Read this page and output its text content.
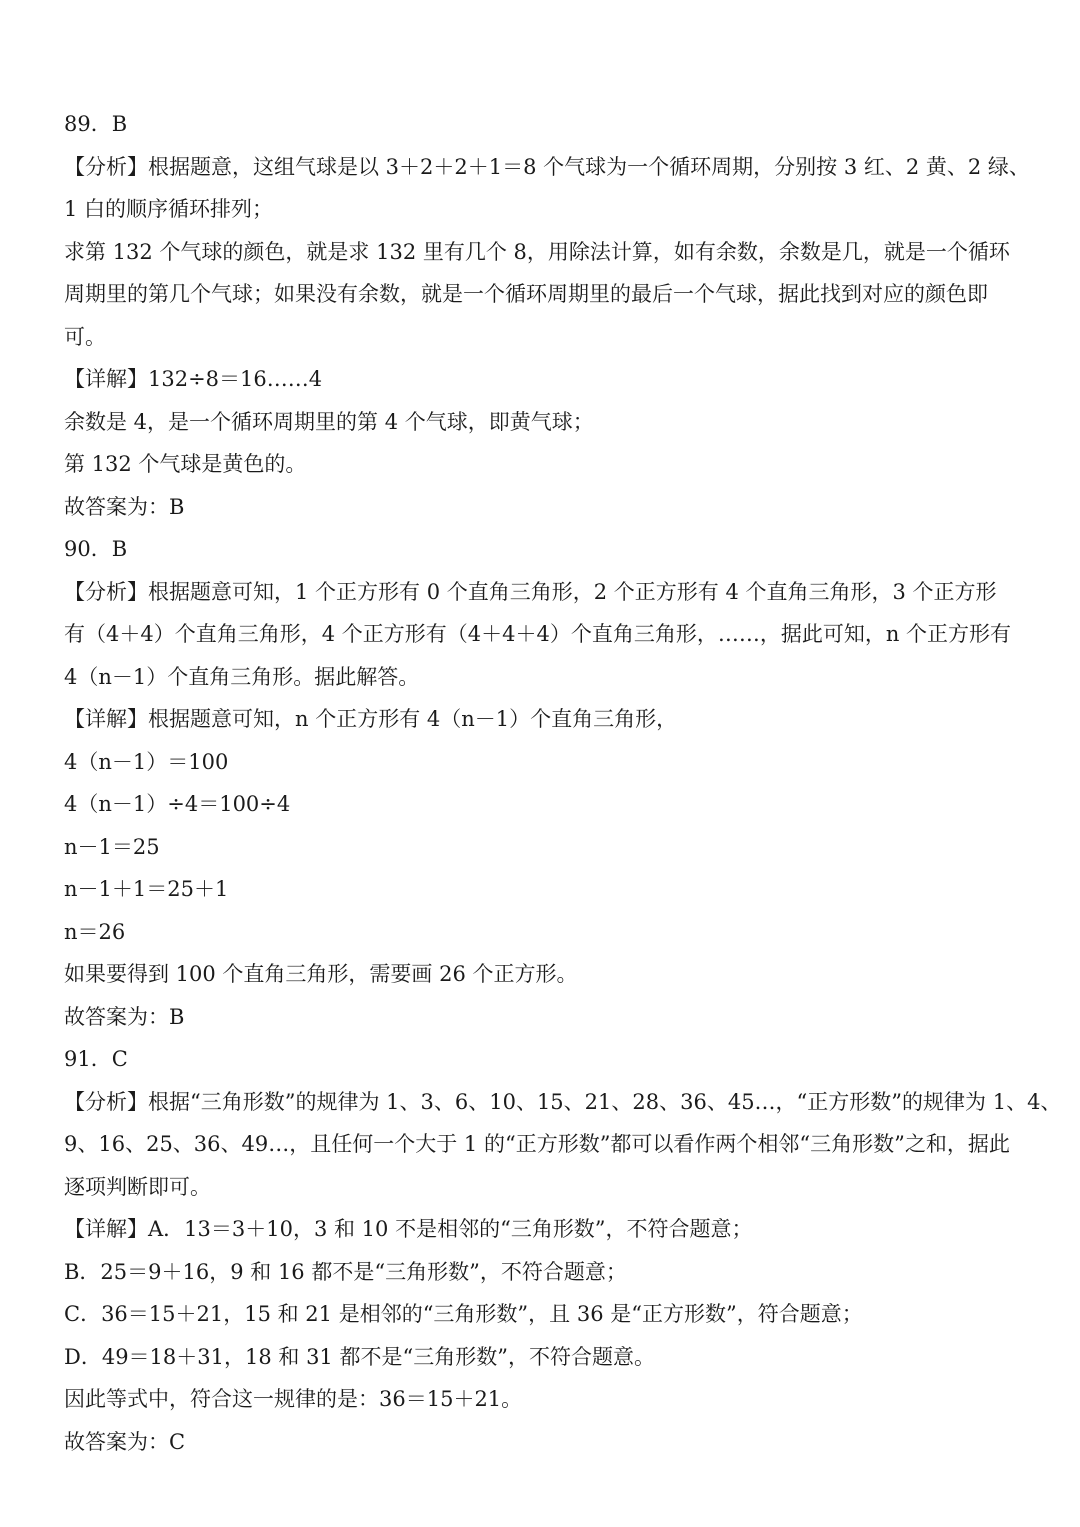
89．B

【分析】根据题意，这组气球是以 3＋2＋2＋1＝8 个气球为一个循环周期，分别按 3 红、2 黄、2 绿、

1 白的顺序循环排列；

求第 132 个气球的颜色，就是求 132 里有几个 8，用除法计算，如有余数，余数是几，就是一个循环

周期里的第几个气球；如果没有余数，就是一个循环周期里的最后一个气球，据此找到对应的颜色即

可。

【详解】132÷8＝16……4

余数是 4，是一个循环周期里的第 4 个气球，即黄气球；

第 132 个气球是黄色的。

故答案为：B

90．B

【分析】根据题意可知，1 个正方形有 0 个直角三角形，2 个正方形有 4 个直角三角形，3 个正方形

有（4＋4）个直角三角形，4 个正方形有（4＋4＋4）个直角三角形，……，据此可知，n 个正方形有

4（n－1）个直角三角形。据此解答。

【详解】根据题意可知，n 个正方形有 4（n－1）个直角三角形，

4（n－1）＝100

4（n－1）÷4＝100÷4

n－1＝25

n－1＋1＝25＋1

n＝26

如果要得到 100 个直角三角形，需要画 26 个正方形。

故答案为：B

91．C

【分析】根据“三角形数”的规律为 1、3、6、10、15、21、28、36、45…，“正方形数”的规律为 1、4、

9、16、25、36、49…，且任何一个大于 1 的“正方形数”都可以看作两个相邻“三角形数”之和，据此

逐项判断即可。

【详解】A．13＝3＋10，3 和 10 不是相邻的“三角形数”，不符合题意；

B．25＝9＋16，9 和 16 都不是“三角形数”，不符合题意；

C．36＝15＋21，15 和 21 是相邻的“三角形数”，且 36 是“正方形数”，符合题意；

D．49＝18＋31，18 和 31 都不是“三角形数”，不符合题意。

因此等式中，符合这一规律的是：36＝15＋21。

故答案为：C
